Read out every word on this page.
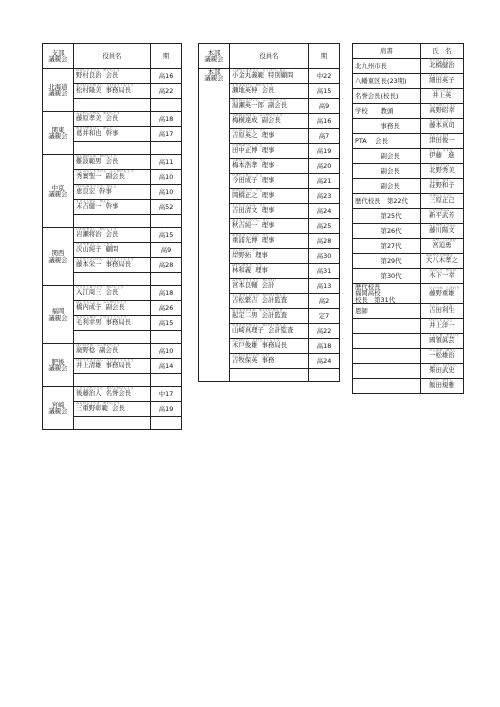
支部
議親会	役員名	期
北海道
議親会	のむらりょうじ　かいちょう
野村良治 会長	高16

	まつむらたかよし　じむきょくちょう
松村隆美 事務局長	高22

関東
議親会	ふじわらたかみ　かいちょう
藤原孝美 会長	高18

	かさいかずひこ　かんじ
葛井和也 幹事	高17

中京
議親会	なんばのりお　かいちょう
難波範男 会長	高11

	ひでみちしょういち　ふくかいちょう
秀實聖一 副会長	高10

	けいちゅうりょう　かんじ
恵良宏 幹事	高10

	すえよしけん　かんじ
末吉健一 幹事	高52

関西
議親会	いわせまさし　かいちょう
岩瀬将治 会長	高15

	つぎやまよしこ　こもん
次山純子 顧問	高9

	ふじもとえいいち　じむきょくちょう
藤本栄一 事務局長	高28

福岡
議親会	いりえしゅうぞう　かいちょう
入江周三 会長	高18

	はしうちしんじ　ふくかいちょう
橋内成子 副会長	高26

	もりとしゆき　じむきょくちょう
毛利幸男 事務局長	高15

肥後
議親会	ばいのたか　ふくかいちょう
廣野稔 副会長	高10

	いのうえきよみち　じむきょくちょう
井上清雄 事務局長	高14

宮崎
議親会	ごとうじろうひと　めいよかいちょう
後藤治人 名誉会長	中17

	みえのしょうき　かいちょう
三重野彰範 会長	高19

本部
議親会	役員名	期
本部
議親会	こばやしまさひと　とくべつこもん
小金丸義範 特別顧問	中22

	すずきえいじ　かいちょう
瀬地英伸 会長	高15

	ゆすはらえいいち　ふくかいちょう
湯瀬英一郎 副会長	高9

	うめはらかずし　ふくかいちょう
梅横達成 副会長	高16

	よしはらえいじ　りじ
吉原英之 理事	高7

	たなかあつし　りじ
田中正博 理事	高19

	うめもとこうじ　りじ
梅本浩孝 理事	高20

	いまだしげこ　りじ
今田成子 理事	高21

	おかひろたつ　りじ
岡橋正之 理事	高23

	よしだきよふみ　りじ
吉田清文 理事	高24

	あきよしつきいち　りじ
秋吉純一 理事	高25

	おかざきこうひろ　りじ
重浦光博 理事	高28

	きしのたく　りじ
岸野拓 理事	高30

	はやしかずき　りじ
林和義 理事	高31

	みやもとりょうじ　かいけい
宮本良輔 会計	高13

	よしまつしげひろ　かいけいかんさ
吉松繁吉 会計監査	高2

	おきまさかずお　かいけいかんさ
起定二男 会計監査	定7

	やまさきたかよし　かいけいかんさ
山崎真理子 会計監査	高22

	きどけいじ　じむきょくちょう
木戸俊雄 事務局長	高18

	よしむらけいすけ　じむ
吉牧保英 事務	高24

肩書	氏　名
北九州市長	きたはしけんじ
北橋健治
八幡東区長(23期)	ほそだひでこ
細田英子
名誉会長(校長)	いのうええい
井上英
学校　　教頭	ちょうのしょうじ
高野昭幸
　　　　事務長	ふじもとしんじ
藤本真司
PTA　 会長	つだとしかず
津田俊一
　　　　副会長	いとう　すすむ
伊藤　進
　　　　副会長	きたのひでみ
北野秀美
　　　　副会長	きたの　かずこ
荘野和子
歴代校長　第22代	みはらしょうじ
三原正己
　　　　第25代	にいたけふみ
新平武芳
　　　　第26代	ふじかわようぶん
藤川陽文
　　　　第27代	みやこしいさむ
宮迫勇
　　　　第29代	おおやぎたかゆき
大八木孝之
　　　　第30代	きのした　かずお
木下一幸
歴代校長
福岡高校
校長　第31代	いいつか　しげのり
藤野重雄
恩師	よしだ　としお
吉田利生

	いのうえようじ
井上洋一

	くにしま　まさひで
國領眞芸

	いちおか　ゆうじ
一松雄治

	しばた　たけひろ
柴田武史

	いいだ　かずし
飯田規雅
